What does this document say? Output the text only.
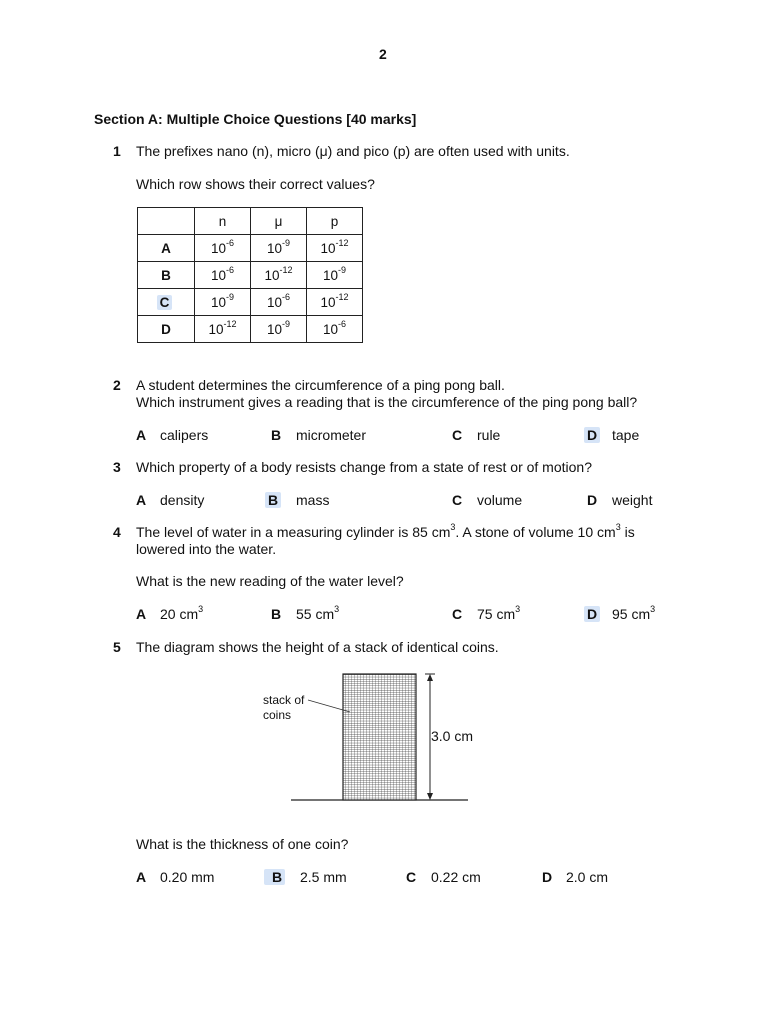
2
Section A: Multiple Choice Questions [40 marks]
1 The prefixes nano (n), micro (μ) and pico (p) are often used with units.
Which row shows their correct values?
	n	μ	p
A	$10^{-6}$	$10^{-9}$	$10^{-12}$
B	$10^{-6}$	$10^{-12}$	$10^{-9}$
C	$10^{-9}$	$10^{-6}$	$10^{-12}$
D	$10^{-12}$	$10^{-9}$	$10^{-6}$
2 A student determines the circumference of a ping pong ball.
Which instrument gives a reading that is the circumference of the ping pong ball?
A calipers	B micrometer	C rule	D tape
3 Which property of a body resists change from a state of rest or of motion?
A density	B mass	C volume	D weight
4 The level of water in a measuring cylinder is 85 $cm^3$. A stone of volume 10 $cm^3$ is
lowered into the water.
What is the new reading of the water level?
A 20 $cm^3$	B 55 $cm^3$	C 75 $cm^3$	D 95 $cm^3$
5 The diagram shows the height of a stack of identical coins.
stack of
coins
3.0 cm
What is the thickness of one coin?
A 0.20 mm	B 2.5 mm	C 0.22 cm	D 2.0 cm
